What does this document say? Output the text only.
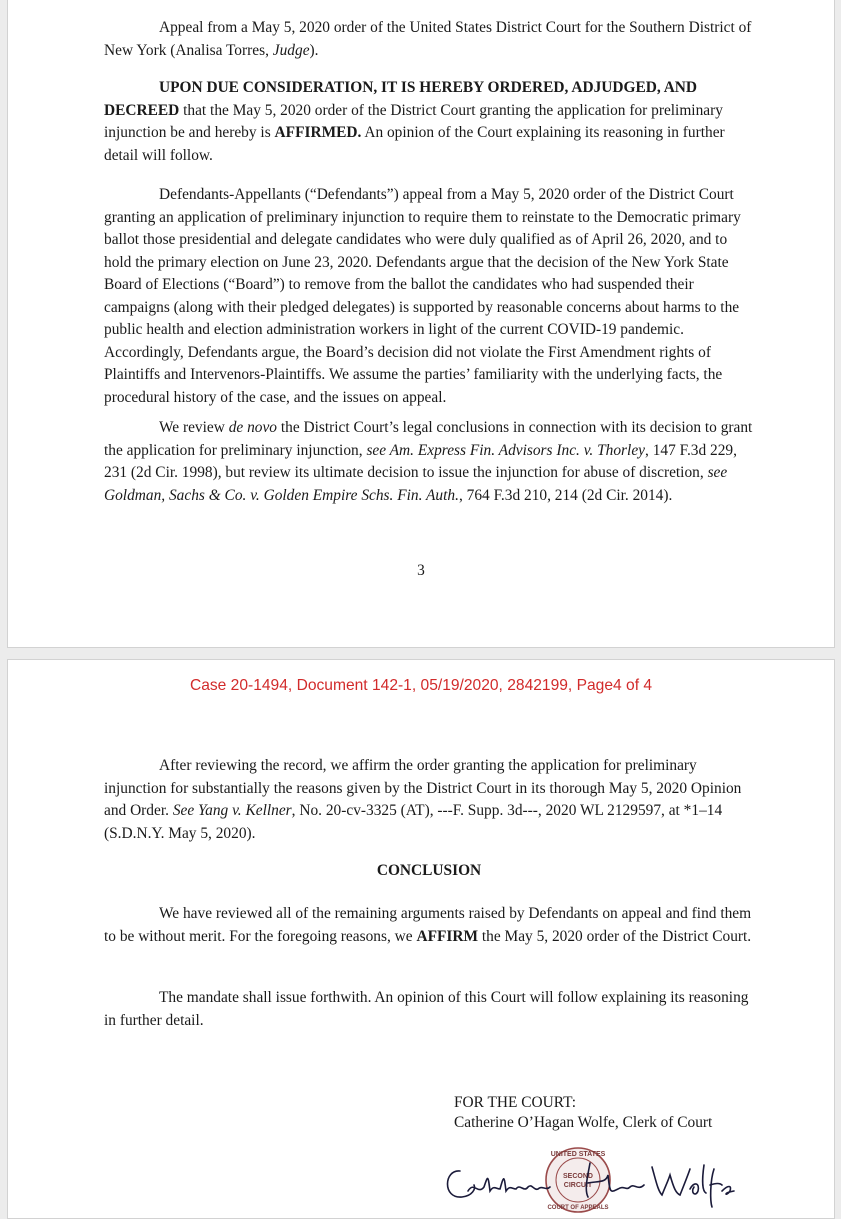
Appeal from a May 5, 2020 order of the United States District Court for the Southern District of New York (Analisa Torres, Judge).

UPON DUE CONSIDERATION, IT IS HEREBY ORDERED, ADJUDGED, AND DECREED that the May 5, 2020 order of the District Court granting the application for preliminary injunction be and hereby is AFFIRMED. An opinion of the Court explaining its reasoning in further detail will follow.

Defendants-Appellants (“Defendants”) appeal from a May 5, 2020 order of the District Court granting an application of preliminary injunction to require them to reinstate to the Democratic primary ballot those presidential and delegate candidates who were duly qualified as of April 26, 2020, and to hold the primary election on June 23, 2020. Defendants argue that the decision of the New York State Board of Elections (“Board”) to remove from the ballot the candidates who had suspended their campaigns (along with their pledged delegates) is supported by reasonable concerns about harms to the public health and election administration workers in light of the current COVID-19 pandemic. Accordingly, Defendants argue, the Board’s decision did not violate the First Amendment rights of Plaintiffs and Intervenors-Plaintiffs. We assume the parties’ familiarity with the underlying facts, the procedural history of the case, and the issues on appeal.

We review de novo the District Court’s legal conclusions in connection with its decision to grant the application for preliminary injunction, see Am. Express Fin. Advisors Inc. v. Thorley, 147 F.3d 229, 231 (2d Cir. 1998), but review its ultimate decision to issue the injunction for abuse of discretion, see Goldman, Sachs & Co. v. Golden Empire Schs. Fin. Auth., 764 F.3d 210, 214 (2d Cir. 2014).

3
Case 20-1494, Document 142-1, 05/19/2020, 2842199, Page4 of 4

After reviewing the record, we affirm the order granting the application for preliminary injunction for substantially the reasons given by the District Court in its thorough May 5, 2020 Opinion and Order. See Yang v. Kellner, No. 20-cv-3325 (AT), ---F. Supp. 3d---, 2020 WL 2129597, at *1–14 (S.D.N.Y. May 5, 2020).

CONCLUSION

We have reviewed all of the remaining arguments raised by Defendants on appeal and find them to be without merit. For the foregoing reasons, we AFFIRM the May 5, 2020 order of the District Court.

The mandate shall issue forthwith. An opinion of this Court will follow explaining its reasoning in further detail.

FOR THE COURT:
Catherine O’Hagan Wolfe, Clerk of Court
UNITED STATES
SECOND
CIRCUIT
COURT OF APPEALS
